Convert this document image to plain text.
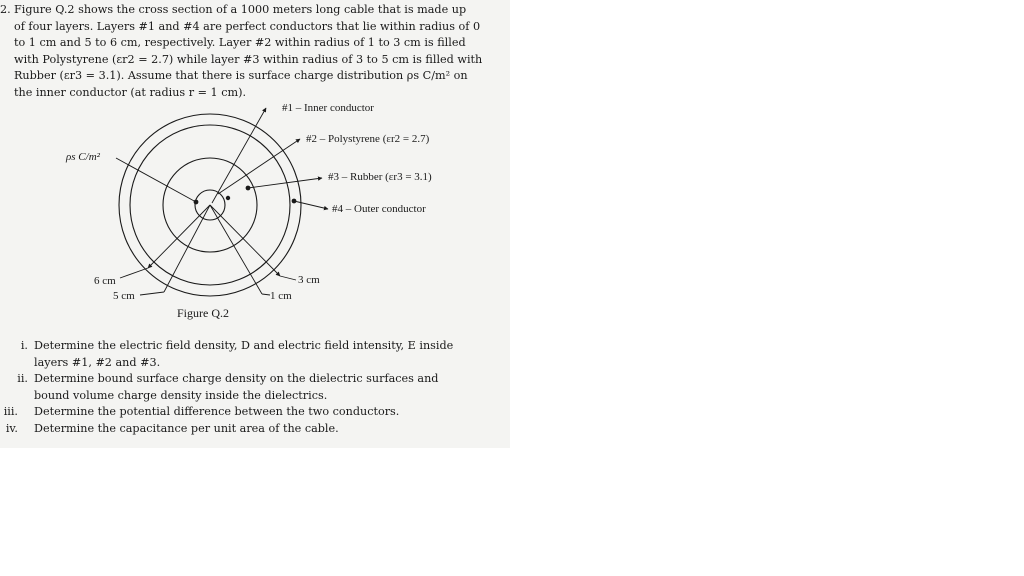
2. Figure Q.2 shows the cross section of a 1000 meters long cable that is made up
of four layers. Layers #1 and #4 are perfect conductors that lie within radius of 0
to 1 cm and 5 to 6 cm, respectively. Layer #2 within radius of 1 to 3 cm is filled
with Polystyrene (εr2 = 2.7) while layer #3 within radius of 3 to 5 cm is filled with
Rubber (εr3 = 3.1). Assume that there is surface charge distribution ρs C/m² on
the inner conductor (at radius r = 1 cm).
#1 – Inner conductor
#2 – Polystyrene (εr2 = 2.7)
ρs C/m²
#3 – Rubber (εr3 = 3.1)
#4 – Outer conductor
6 cm
5 cm
3 cm
1 cm
Figure Q.2
i. Determine the electric field density, D and electric field intensity, E inside
layers #1, #2 and #3.
ii. Determine bound surface charge density on the dielectric surfaces and
bound volume charge density inside the dielectrics.
iii. Determine the potential difference between the two conductors.
iv. Determine the capacitance per unit area of the cable.
